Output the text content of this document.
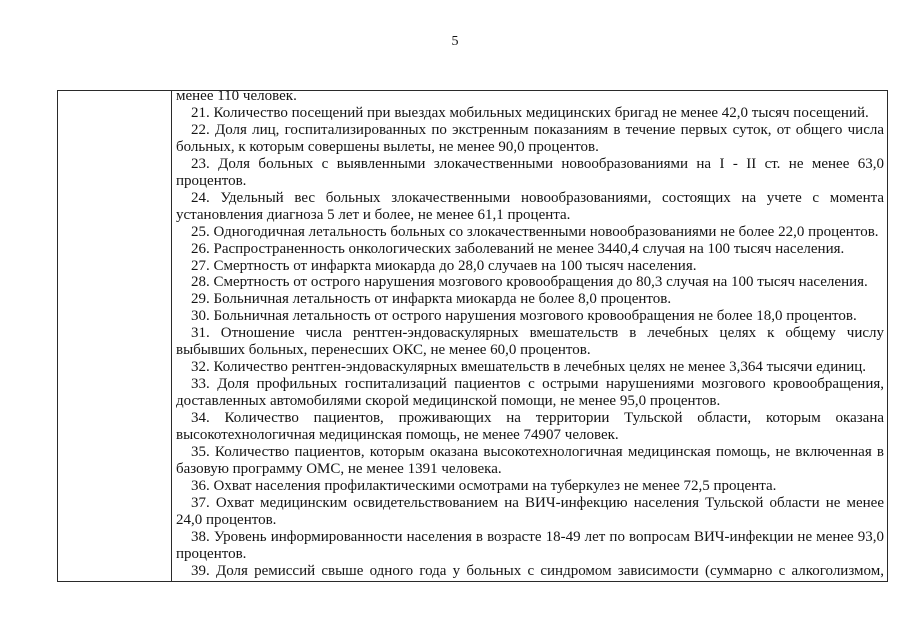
5
менее 110 человек.
21. Количество посещений при выездах мобильных медицинских бригад не менее 42,0 тысяч посещений.
22. Доля лиц, госпитализированных по экстренным показаниям в течение первых суток, от общего числа
больных, к которым совершены вылеты, не менее 90,0 процентов.
23. Доля больных с выявленными злокачественными новообразованиями на I - II ст. не менее 63,0
процентов.
24. Удельный вес больных злокачественными новообразованиями, состоящих на учете с момента
установления диагноза 5 лет и более, не менее 61,1 процента.
25. Одногодичная летальность больных со злокачественными новообразованиями не более 22,0 процентов.
26. Распространенность онкологических заболеваний не менее 3440,4 случая на 100 тысяч населения.
27. Смертность от инфаркта миокарда до 28,0 случаев на 100 тысяч населения.
28. Смертность от острого нарушения мозгового кровообращения до 80,3 случая на 100 тысяч населения.
29. Больничная летальность от инфаркта миокарда не более 8,0 процентов.
30. Больничная летальность от острого нарушения мозгового кровообращения не более 18,0 процентов.
31. Отношение числа рентген-эндоваскулярных вмешательств в лечебных целях к общему числу
выбывших больных, перенесших ОКС, не менее 60,0 процентов.
32. Количество рентген-эндоваскулярных вмешательств в лечебных целях не менее 3,364 тысячи единиц.
33. Доля профильных госпитализаций пациентов с острыми нарушениями мозгового кровообращения,
доставленных автомобилями скорой медицинской помощи, не менее 95,0 процентов.
34. Количество пациентов, проживающих на территории Тульской области, которым оказана
высокотехнологичная медицинская помощь, не менее 74907 человек.
35. Количество пациентов, которым оказана высокотехнологичная медицинская помощь, не включенная в
базовую программу ОМС, не менее 1391 человека.
36. Охват населения профилактическими осмотрами на туберкулез не менее 72,5 процента.
37. Охват медицинским освидетельствованием на ВИЧ-инфекцию населения Тульской области не менее
24,0 процентов.
38. Уровень информированности населения в возрасте 18-49 лет по вопросам ВИЧ-инфекции не менее 93,0
процентов.
39. Доля ремиссий свыше одного года у больных с синдромом зависимости (суммарно с алкоголизмом,
